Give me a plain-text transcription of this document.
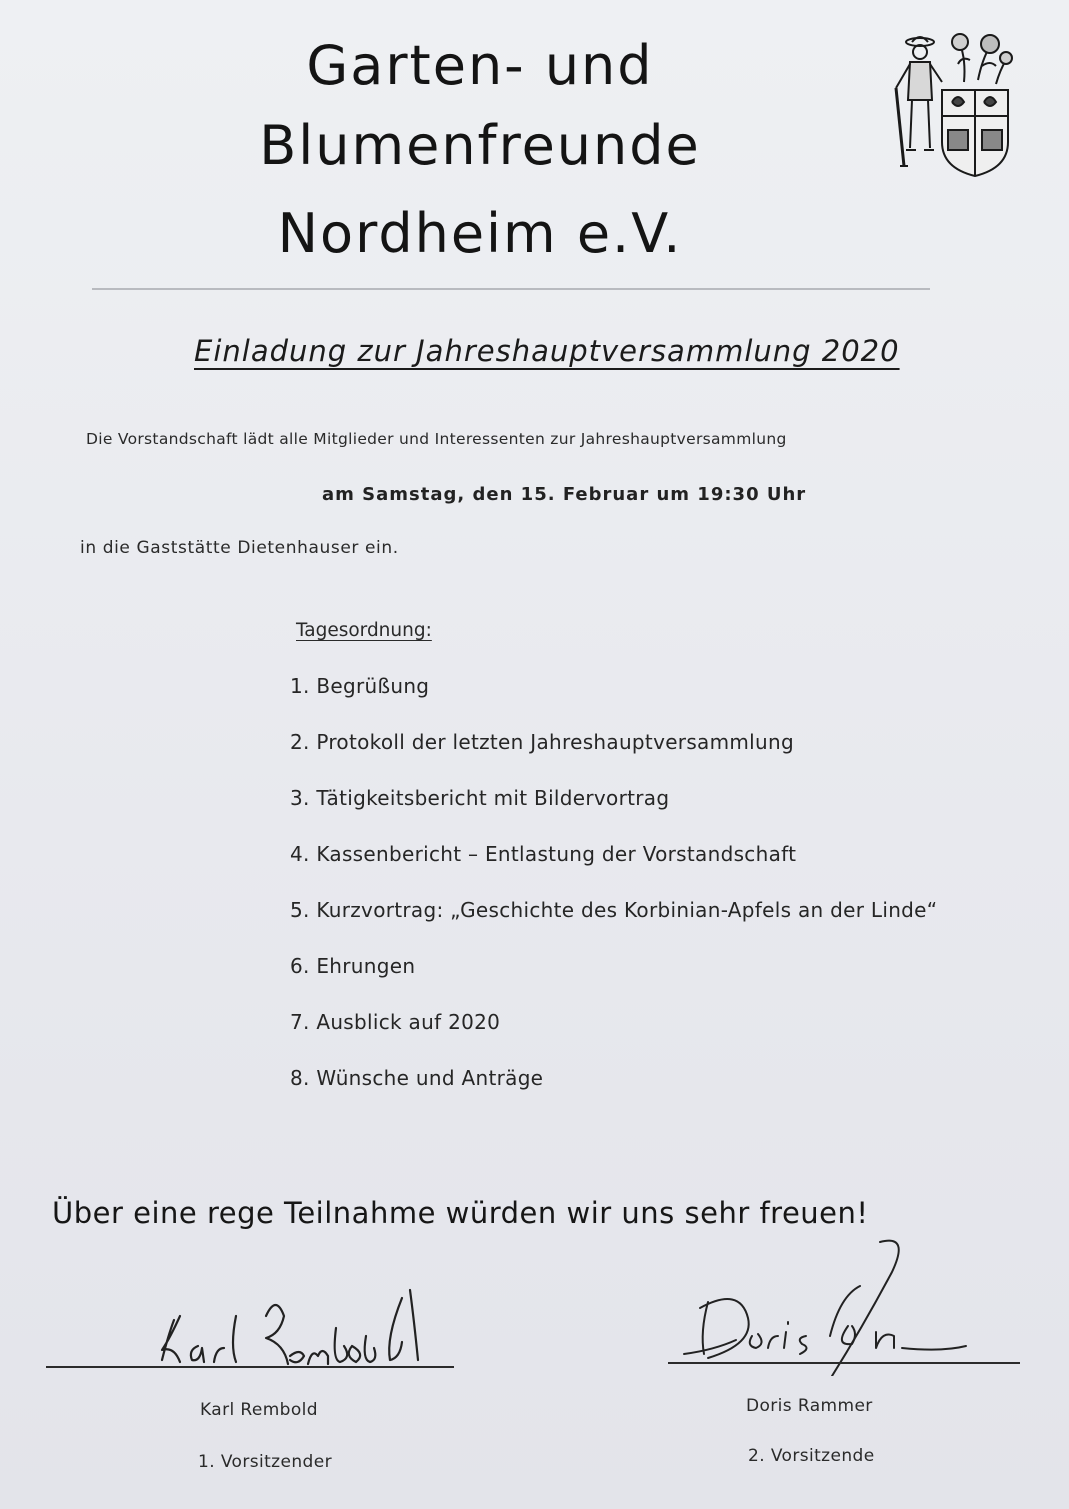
Garten- und
Blumenfreunde
Nordheim e.V.
Einladung zur Jahreshauptversammlung 2020
Die Vorstandschaft lädt alle Mitglieder und Interessenten zur Jahreshauptversammlung
am Samstag, den 15. Februar um 19:30 Uhr
in die Gaststätte Dietenhauser ein.
Tagesordnung:
1. Begrüßung
2. Protokoll der letzten Jahreshauptversammlung
3. Tätigkeitsbericht mit Bildervortrag
4. Kassenbericht – Entlastung der Vorstandschaft
5. Kurzvortrag: „Geschichte des Korbinian-Apfels an der Linde“
6. Ehrungen
7. Ausblick auf 2020
8. Wünsche und Anträge
Über eine rege Teilnahme würden wir uns sehr freuen!
Karl Rembold
1. Vorsitzender
Doris Rammer
2. Vorsitzende
